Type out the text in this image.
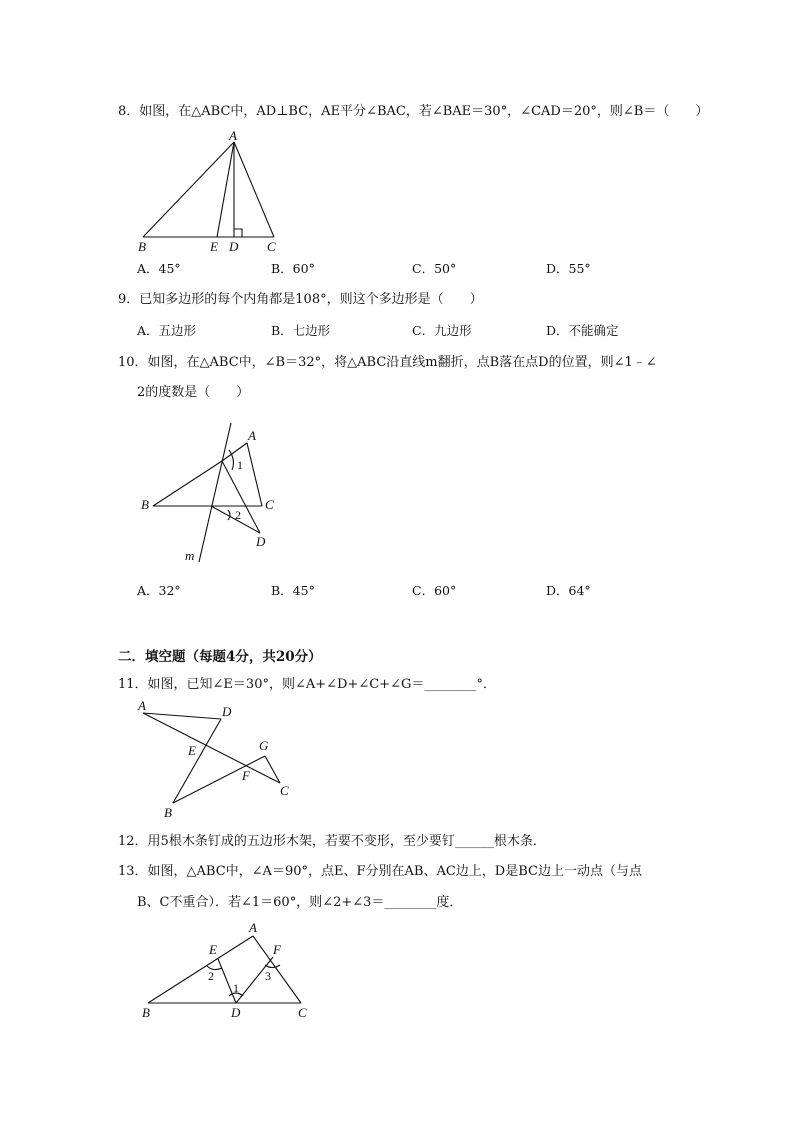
8．如图，在△ABC中，AD⊥BC，AE平分∠BAC，若∠BAE＝30°，∠CAD＝20°，则∠B＝（　　）
A
B	E D C
A．45°	B．60°	C．50°	D．55°
9．已知多边形的每个内角都是108°，则这个多边形是（　　）
A．五边形	B．七边形	C．九边形	D．不能确定
10．如图，在△ABC中，∠B＝32°，将△ABC沿直线m翻折，点B落在点D的位置，则∠1﹣∠
2的度数是（　　）
A
B	C
D
m
1
2
A．32°	B．45°	C．60°	D．64°
二．填空题（每题4分，共20分）
11．如图，已知∠E＝30°，则∠A+∠D+∠C+∠G＝________°．
A	D
E	G
F
C
B
12．用5根木条钉成的五边形木架，若要不变形，至少要钉______根木条．
13．如图，△ABC中，∠A＝90°，点E、F分别在AB、AC边上，D是BC边上一动点（与点
B、C不重合）．若∠1＝60°，则∠2+∠3＝________度．
E
A
F
B	D	C
1
2	3
